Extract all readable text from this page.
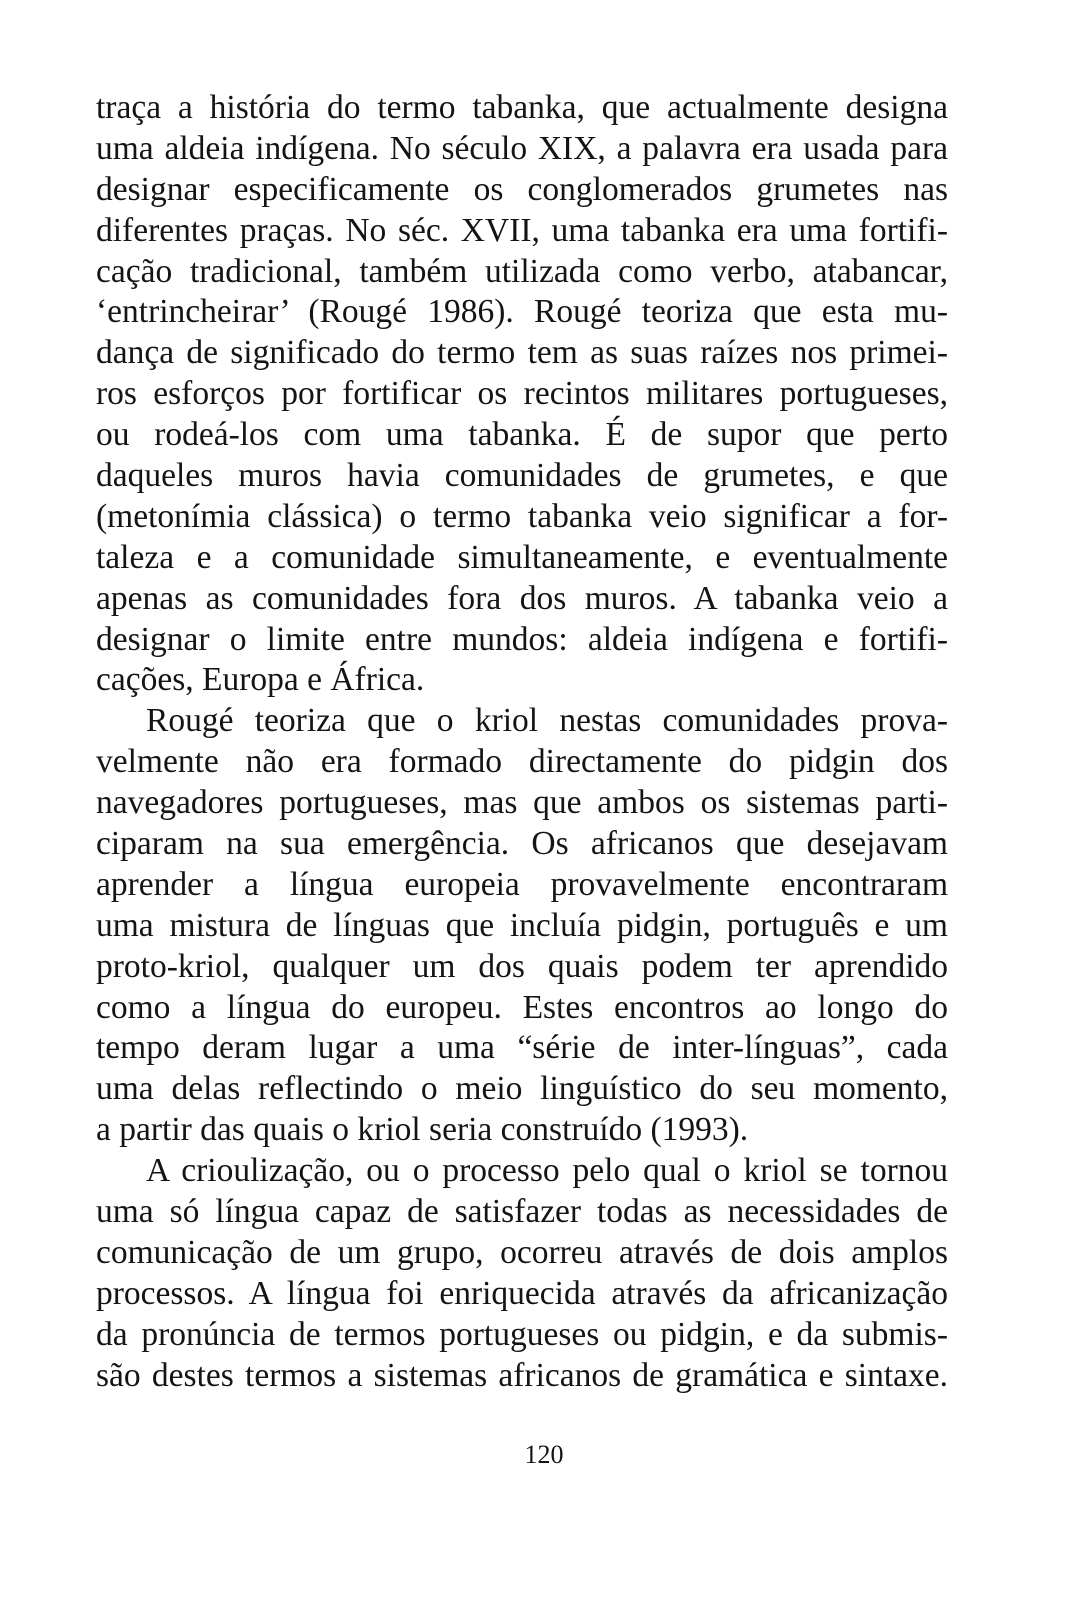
traça a história do termo tabanka, que actualmente designa
uma aldeia indígena. No século XIX, a palavra era usada para
designar especificamente os conglomerados grumetes nas
diferentes praças. No séc. XVII, uma tabanka era uma fortifi-
cação tradicional, também utilizada como verbo, atabancar,
‘entrincheirar’ (Rougé 1986). Rougé teoriza que esta mu-
dança de significado do termo tem as suas raízes nos primei-
ros esforços por fortificar os recintos militares portugueses,
ou rodeá-los com uma tabanka. É de supor que perto
daqueles muros havia comunidades de grumetes, e que
(metonímia clássica) o termo tabanka veio significar a for-
taleza e a comunidade simultaneamente, e eventualmente
apenas as comunidades fora dos muros. A tabanka veio a
designar o limite entre mundos: aldeia indígena e fortifi-
cações, Europa e África.
Rougé teoriza que o kriol nestas comunidades prova-
velmente não era formado directamente do pidgin dos
navegadores portugueses, mas que ambos os sistemas parti-
ciparam na sua emergência. Os africanos que desejavam
aprender a língua europeia provavelmente encontraram
uma mistura de línguas que incluía pidgin, português e um
proto-kriol, qualquer um dos quais podem ter aprendido
como a língua do europeu. Estes encontros ao longo do
tempo deram lugar a uma “série de inter-línguas”, cada
uma delas reflectindo o meio linguístico do seu momento,
a partir das quais o kriol seria construído (1993).
A crioulização, ou o processo pelo qual o kriol se tornou
uma só língua capaz de satisfazer todas as necessidades de
comunicação de um grupo, ocorreu através de dois amplos
processos. A língua foi enriquecida através da africanização
da pronúncia de termos portugueses ou pidgin, e da submis-
são destes termos a sistemas africanos de gramática e sintaxe.
120
